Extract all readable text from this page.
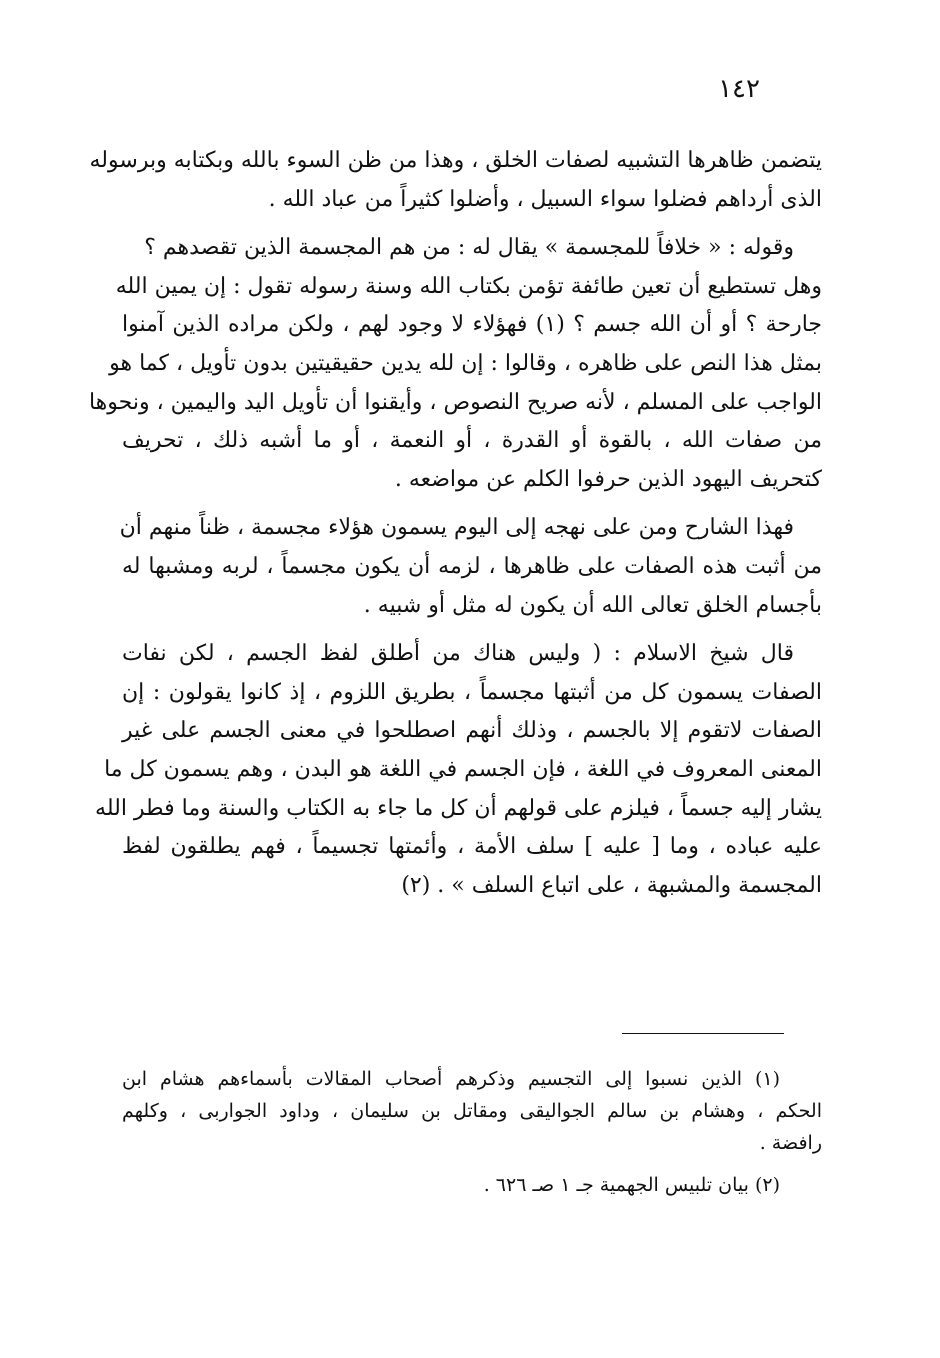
١٤٢

يتضمن ظاهرها التشبيه لصفات الخلق ، وهذا من ظن السوء بالله وبكتابه وبرسوله
الذى أرداهم فضلوا سواء السبيل ، وأضلوا كثيراً من عباد الله .

وقوله : « خلافاً للمجسمة » يقال له : من هم المجسمة الذين تقصدهم ؟
وهل تستطيع أن تعين طائفة تؤمن بكتاب الله وسنة رسوله تقول : إن يمين الله
جارحة ؟ أو أن الله جسم ؟ (١) فهؤلاء لا وجود لهم ، ولكن مراده الذين آمنوا
بمثل هذا النص على ظاهره ، وقالوا : إن لله يدين حقيقيتين بدون تأويل ، كما هو
الواجب على المسلم ، لأنه صريح النصوص ، وأيقنوا أن تأويل اليد واليمين ، ونحوها
من صفات الله ، بالقوة أو القدرة ، أو النعمة ، أو ما أشبه ذلك ، تحريف
كتحريف اليهود الذين حرفوا الكلم عن مواضعه .

فهذا الشارح ومن على نهجه إلى اليوم يسمون هؤلاء مجسمة ، ظناً منهم أن
من أثبت هذه الصفات على ظاهرها ، لزمه أن يكون مجسماً ، لربه ومشبها له
بأجسام الخلق تعالى الله أن يكون له مثل أو شبيه .

قال شيخ الاسلام : ( وليس هناك من أطلق لفظ الجسم ، لكن نفات
الصفات يسمون كل من أثبتها مجسماً ، بطريق اللزوم ، إذ كانوا يقولون : إن
الصفات لاتقوم إلا بالجسم ، وذلك أنهم اصطلحوا في معنى الجسم على غير
المعنى المعروف في اللغة ، فإن الجسم في اللغة هو البدن ، وهم يسمون كل ما
يشار إليه جسماً ، فيلزم على قولهم أن كل ما جاء به الكتاب والسنة وما فطر الله
عليه عباده ، وما [ عليه ] سلف الأمة ، وأئمتها تجسيماً ، فهم يطلقون لفظ
المجسمة والمشبهة ، على اتباع السلف » . (٢)

(١) الذين نسبوا إلى التجسيم وذكرهم أصحاب المقالات بأسماءهم هشام ابن
الحكم ، وهشام بن سالم الجواليقى ومقاتل بن سليمان ، وداود الجواربى ، وكلهم
رافضة .

(٢) بيان تلبيس الجهمية جـ ١ صـ ٦٢٦ .
